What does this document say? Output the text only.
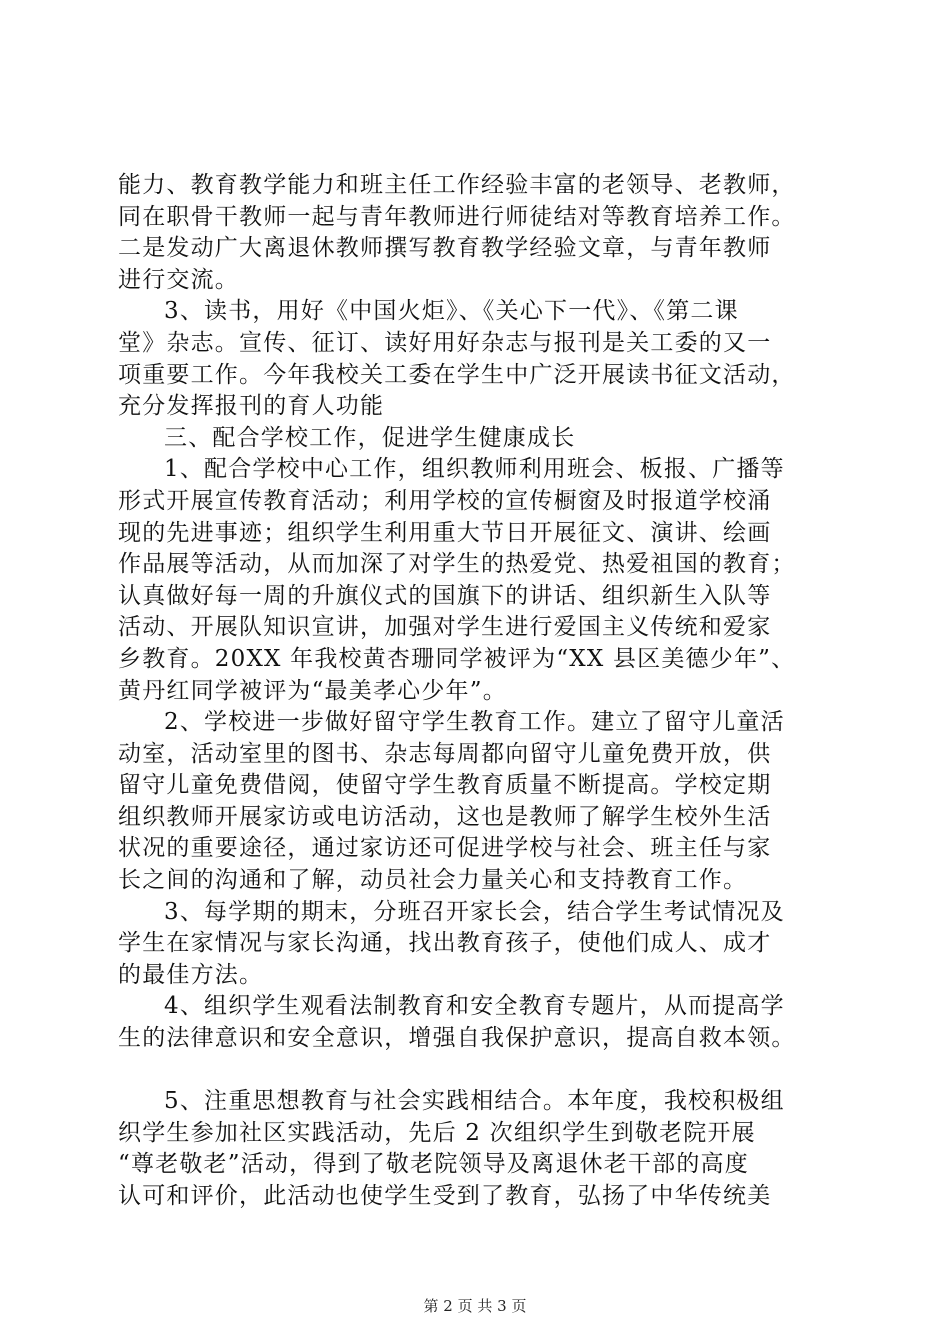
能力、教育教学能力和班主任工作经验丰富的老领导、老教师，
同在职骨干教师一起与青年教师进行师徒结对等教育培养工作。
二是发动广大离退休教师撰写教育教学经验文章，与青年教师
进行交流。
3、读书，用好《中国火炬》、《关心下一代》、《第二课
堂》杂志。宣传、征订、读好用好杂志与报刊是关工委的又一
项重要工作。今年我校关工委在学生中广泛开展读书征文活动，
充分发挥报刊的育人功能
三、配合学校工作，促进学生健康成长
1、配合学校中心工作，组织教师利用班会、板报、广播等
形式开展宣传教育活动；利用学校的宣传橱窗及时报道学校涌
现的先进事迹；组织学生利用重大节日开展征文、演讲、绘画
作品展等活动，从而加深了对学生的热爱党、热爱祖国的教育；
认真做好每一周的升旗仪式的国旗下的讲话、组织新生入队等
活动、开展队知识宣讲，加强对学生进行爱国主义传统和爱家
乡教育。20XX 年我校黄杏珊同学被评为“XX 县区美德少年”、
黄丹红同学被评为“最美孝心少年”。
2、学校进一步做好留守学生教育工作。建立了留守儿童活
动室，活动室里的图书、杂志每周都向留守儿童免费开放，供
留守儿童免费借阅，使留守学生教育质量不断提高。学校定期
组织教师开展家访或电访活动，这也是教师了解学生校外生活
状况的重要途径，通过家访还可促进学校与社会、班主任与家
长之间的沟通和了解，动员社会力量关心和支持教育工作。
3、每学期的期末，分班召开家长会，结合学生考试情况及
学生在家情况与家长沟通，找出教育孩子，使他们成人、成才
的最佳方法。
4、组织学生观看法制教育和安全教育专题片，从而提高学
生的法律意识和安全意识，增强自我保护意识，提高自救本领。
5、注重思想教育与社会实践相结合。本年度，我校积极组
织学生参加社区实践活动，先后 2 次组织学生到敬老院开展
“尊老敬老”活动，得到了敬老院领导及离退休老干部的高度
认可和评价，此活动也使学生受到了教育，弘扬了中华传统美
第 2 页 共 3 页
